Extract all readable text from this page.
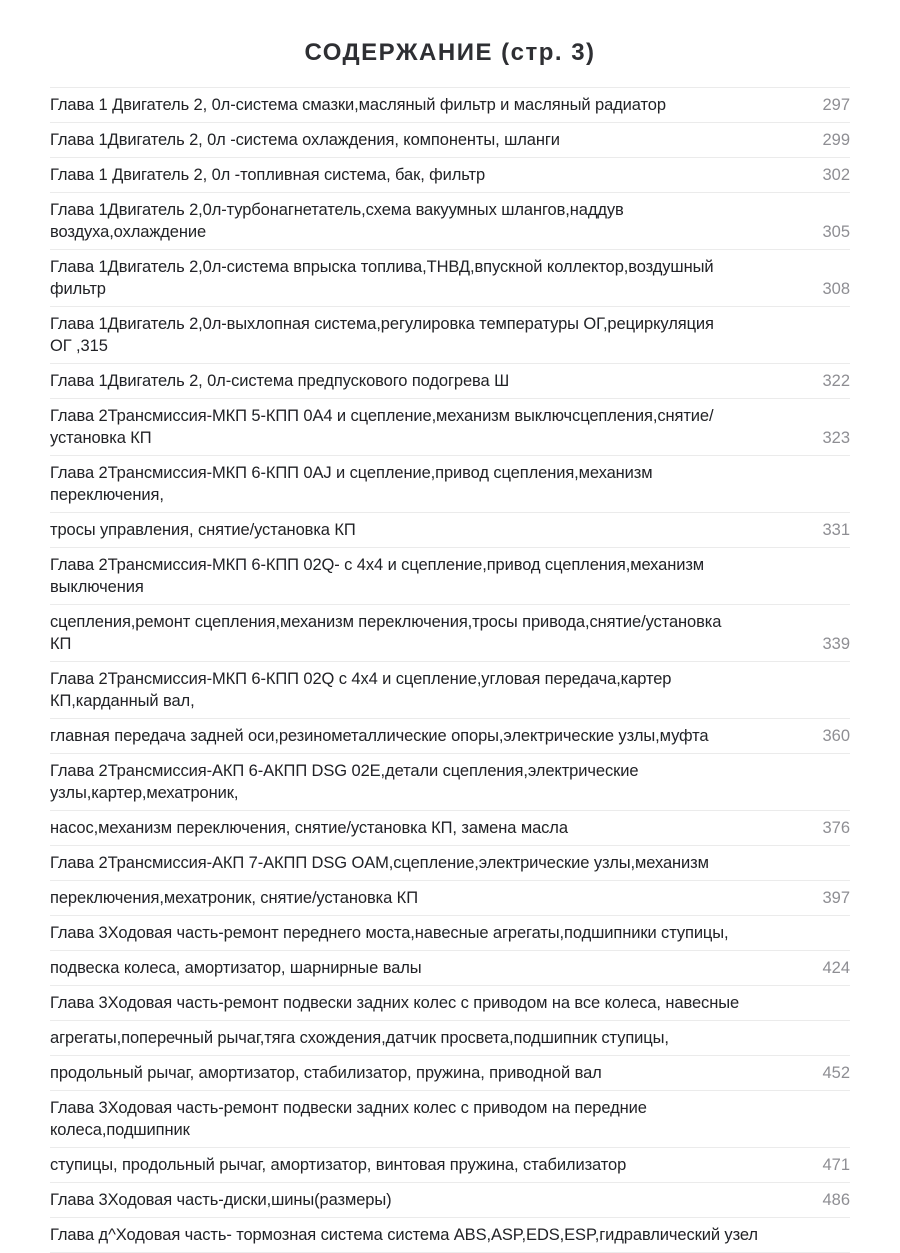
СОДЕРЖАНИЕ (стр. 3)
Глава 1 Двигатель 2, 0л-система смазки,масляный фильтр и масляный радиатор	297
Глава 1Двигатель 2, 0л -система охлаждения, компоненты, шланги	299
Глава 1 Двигатель 2, 0л -топливная система, бак, фильтр	302
Глава 1Двигатель 2,0л-турбонагнетатель,схема вакуумных шлангов,наддув
воздуха,охлаждение	305
Глава 1Двигатель 2,0л-система впрыска топлива,ТНВД,впускной коллектор,воздушный
фильтр	308
Глава 1Двигатель 2,0л-выхлопная система,регулировка температуры ОГ,рециркуляция
ОГ ,315
Глава 1Двигатель 2, 0л-система предпускового подогрева Ш	322
Глава 2Трансмиссия-МКП 5-КПП 0А4 и сцепление,механизм выключсцепления,снятие/
установка КП	323
Глава 2Трансмиссия-МКП 6-КПП 0AJ и сцепление,привод сцепления,механизм
переключения,
тросы управления, снятие/установка КП	331
Глава 2Трансмиссия-МКП 6-КПП 02Q- с 4х4 и сцепление,привод сцепления,механизм
выключения
сцепления,ремонт сцепления,механизм переключения,тросы привода,снятие/установка
КП	339
Глава 2Трансмиссия-МКП 6-КПП 02Q с 4х4 и сцепление,угловая передача,картер
КП,карданный вал,
главная передача задней оси,резинометаллические опоры,электрические узлы,муфта	360
Глава 2Трансмиссия-АКП 6-АКПП DSG 02E,детали сцепления,электрические
узлы,картер,мехатроник,
насос,механизм переключения, снятие/установка КП, замена масла	376
Глава 2Трансмиссия-АКП 7-АКПП DSG OAM,сцепление,электрические узлы,механизм
переключения,мехатроник, снятие/установка КП	397
Глава 3Ходовая часть-ремонт переднего моста,навесные агрегаты,подшипники ступицы,
подвеска колеса, амортизатор, шарнирные валы	424
Глава 3Ходовая часть-ремонт подвески задних колес с приводом на все колеса, навесные
агрегаты,поперечный рычаг,тяга схождения,датчик просвета,подшипник ступицы,
продольный рычаг, амортизатор, стабилизатор, пружина, приводной вал	452
Глава 3Ходовая часть-ремонт подвески задних колес с приводом на передние
колеса,подшипник
ступицы, продольный рычаг, амортизатор, винтовая пружина, стабилизатор	471
Глава 3Ходовая часть-диски,шины(размеры)	486
Глава д^Ходовая часть- тормозная система система ABS,ASP,EDS,ESP,гидравлический узел
